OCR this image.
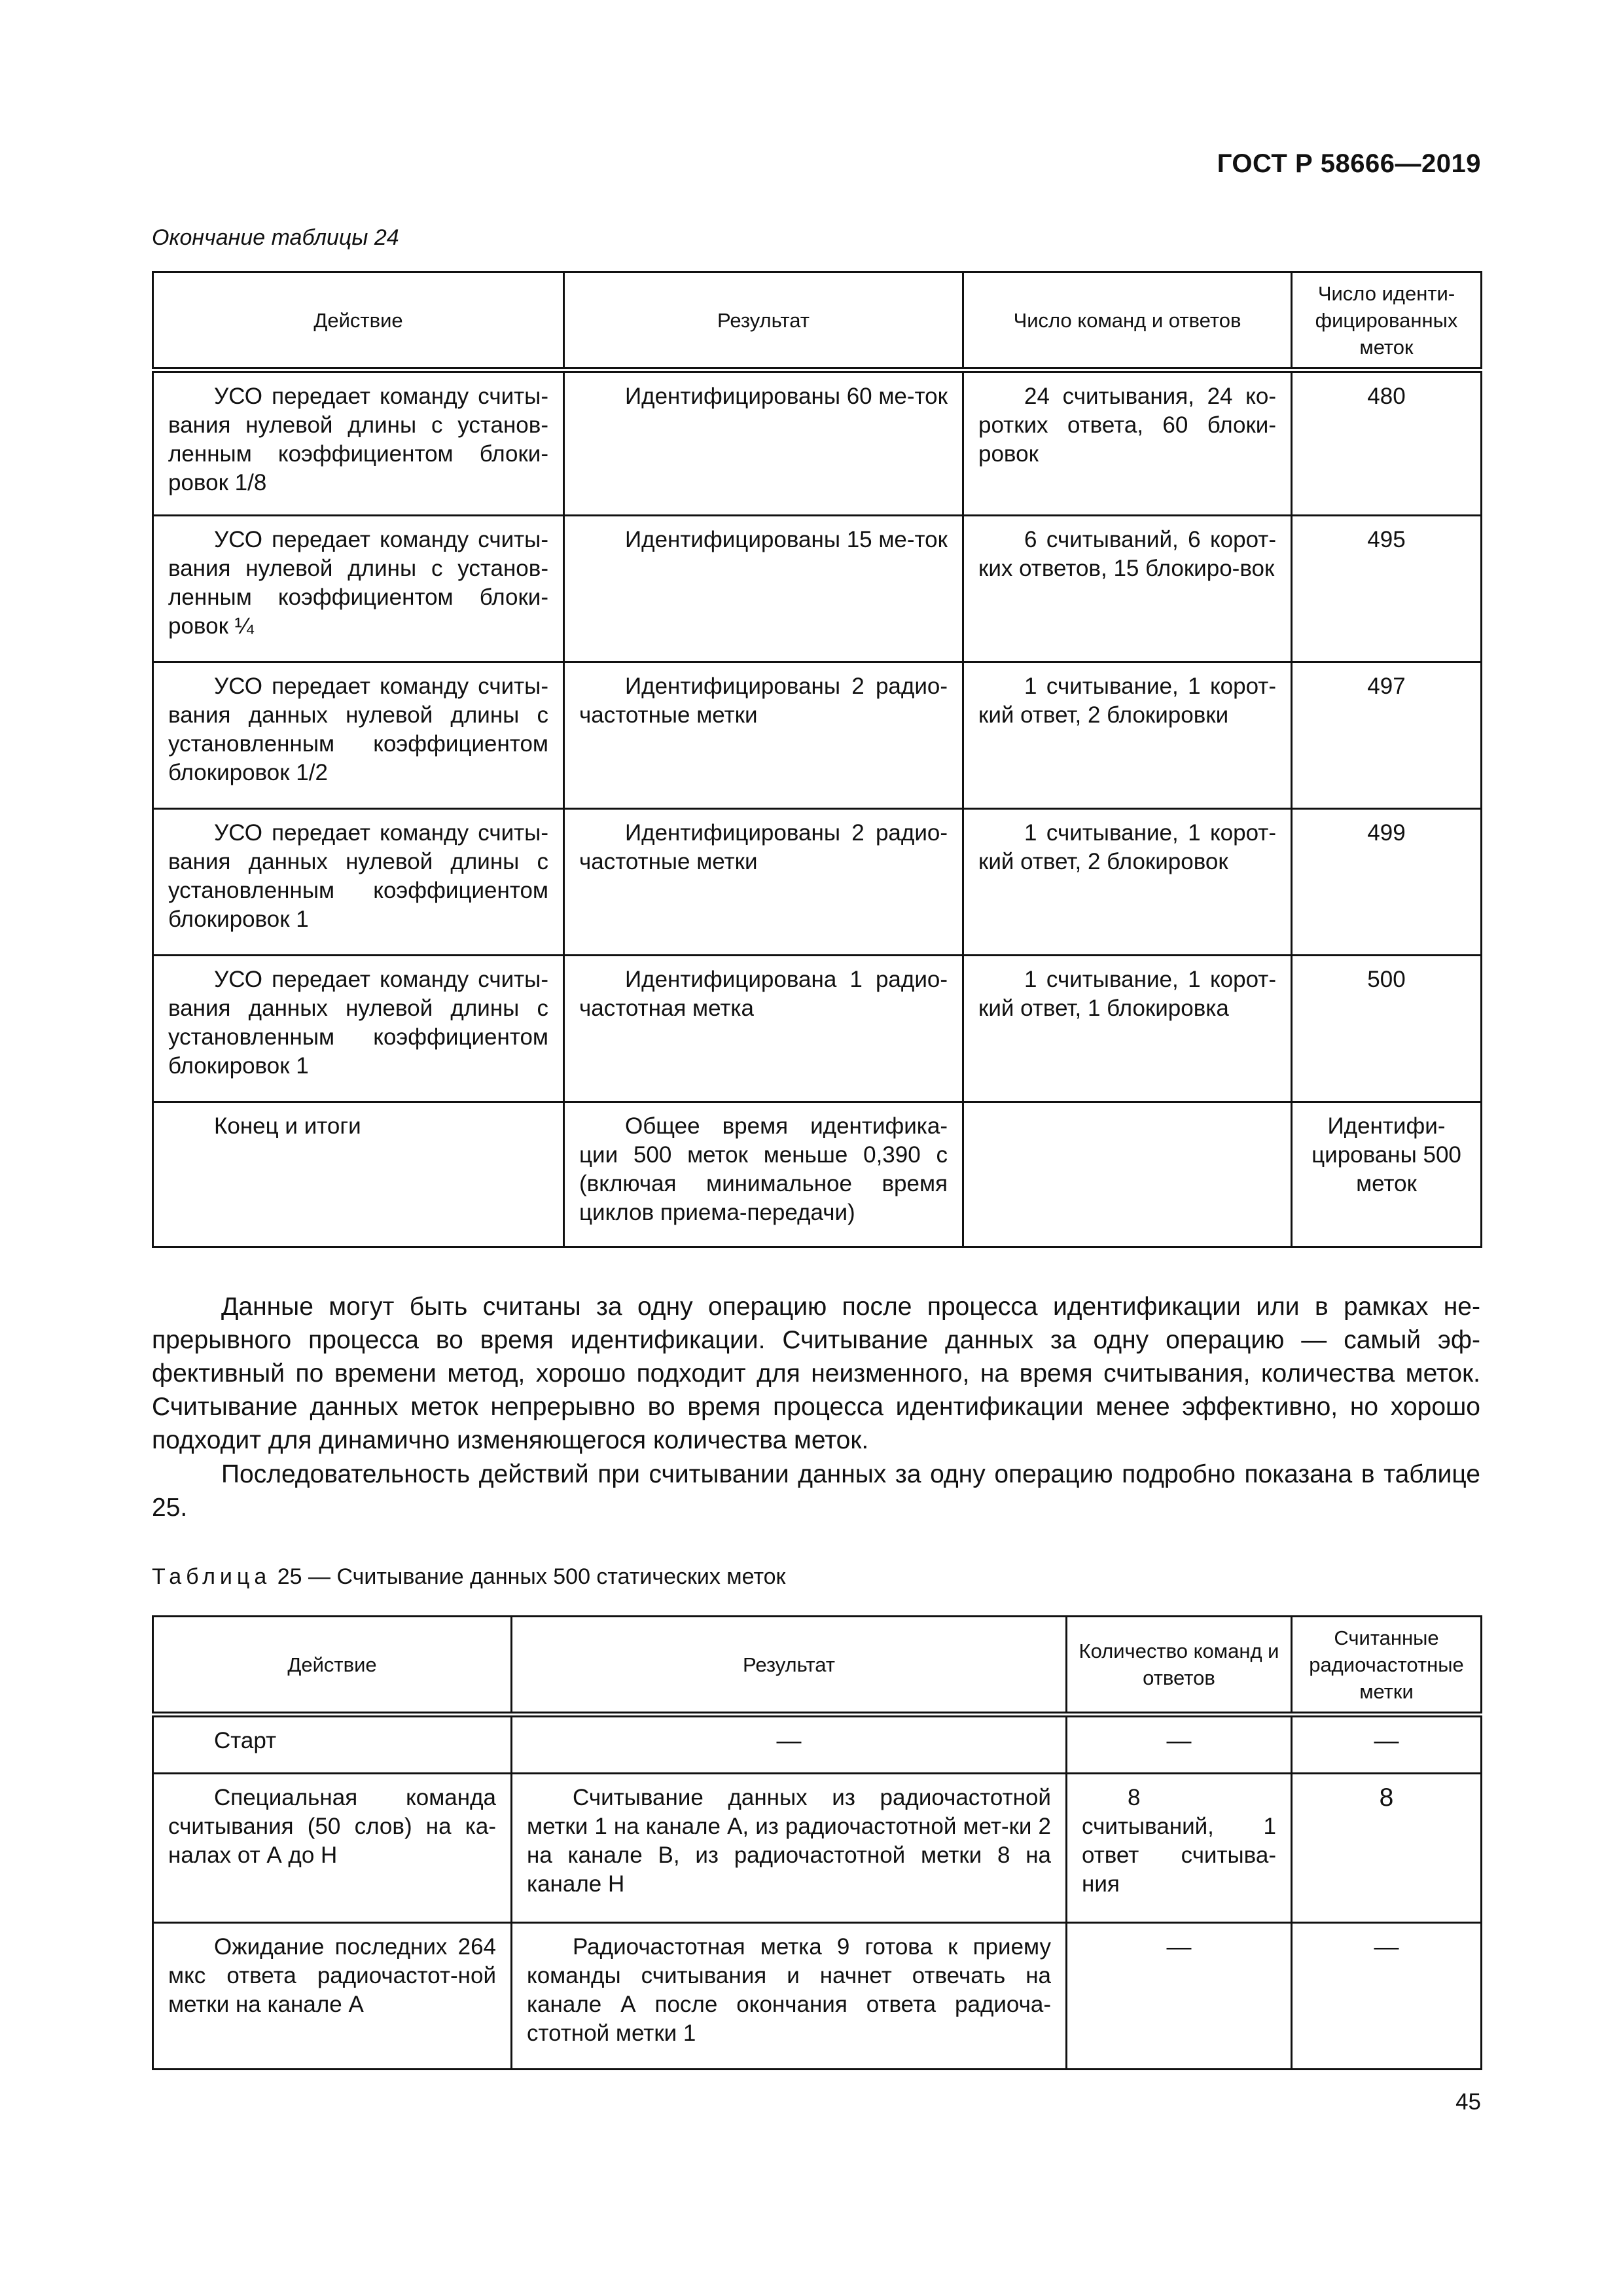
ГОСТ Р 58666—2019
Окончание таблицы 24
Действие	Результат	Число команд и ответов	Число иденти-фицированных меток
УСО передает команду считы-вания нулевой длины с установ-ленным коэффициентом блоки-ровок 1/8	Идентифицированы 60 ме-ток	24 считывания, 24 ко-ротких ответа, 60 блоки-ровок	480
УСО передает команду считы-вания нулевой длины с установ-ленным коэффициентом блоки-ровок ¼	Идентифицированы 15 ме-ток	6 считываний, 6 корот-ких ответов, 15 блокиро-вок	495
УСО передает команду считы-вания данных нулевой длины с установленным коэффициентом блокировок 1/2	Идентифицированы 2 радио-частотные метки	1 считывание, 1 корот-кий ответ, 2 блокировки	497
УСО передает команду считы-вания данных нулевой длины с установленным коэффициентом блокировок 1	Идентифицированы 2 радио-частотные метки	1 считывание, 1 корот-кий ответ, 2 блокировок	499
УСО передает команду считы-вания данных нулевой длины с установленным коэффициентом блокировок 1	Идентифицирована 1 радио-частотная метка	1 считывание, 1 корот-кий ответ, 1 блокировка	500
Конец и итоги	Общее время идентифика-ции 500 меток меньше 0,390 с (включая минимальное время циклов приема-передачи)		Идентифи-цированы 500 меток

Данные могут быть считаны за одну операцию после процесса идентификации или в рамках не-прерывного процесса во время идентификации. Считывание данных за одну операцию — самый эф-фективный по времени метод, хорошо подходит для неизменного, на время считывания, количества меток. Считывание данных меток непрерывно во время процесса идентификации менее эффективно, но хорошо подходит для динамично изменяющегося количества меток.

Последовательность действий при считывании данных за одну операцию подробно показана в таблице 25.

Таблица 25 — Считывание данных 500 статических меток
Действие	Результат	Количество команд и ответов	Считанные радиочастотные метки
Старт	—	—	—
Специальная команда считывания (50 слов) на ка-налах от А до Н	Считывание данных из радиочастотной метки 1 на канале А, из радиочастотной мет-ки 2 на канале В, из радиочастотной метки 8 на канале Н	8 считываний, 1 ответ считыва-ния	8
Ожидание последних 264 мкс ответа радиочастот-ной метки на канале А	Радиочастотная метка 9 готова к приему команды считывания и начнет отвечать на канале А после окончания ответа радиоча-стотной метки 1	—	—
45
